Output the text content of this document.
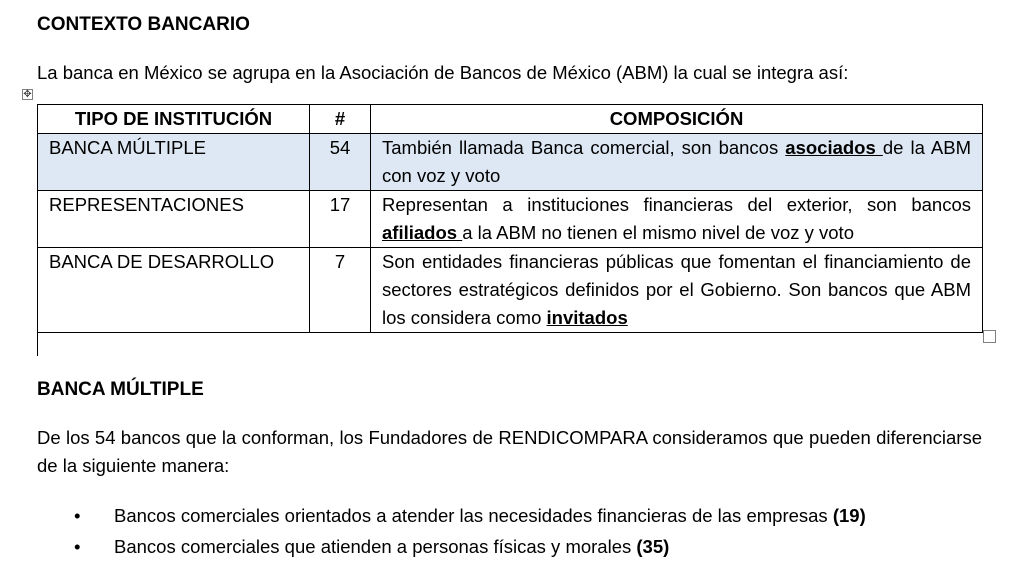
CONTEXTO BANCARIO
La banca en México se agrupa en la Asociación de Bancos de México (ABM) la cual se integra así:
✥
TIPO DE INSTITUCIÓN	#	COMPOSICIÓN
BANCA MÚLTIPLE	54	También llamada Banca comercial, son bancos asociados de la ABM con voz y voto
REPRESENTACIONES	17	Representan a instituciones financieras del exterior, son bancos afiliados a la ABM no tienen el mismo nivel de voz y voto
BANCA DE DESARROLLO	7	Son entidades financieras públicas que fomentan el financiamiento de sectores estratégicos definidos por el Gobierno. Son bancos que ABM los considera como invitados
BANCA MÚLTIPLE
De los 54 bancos que la conforman, los Fundadores de RENDICOMPARA consideramos que pueden diferenciarse de la siguiente manera:
• Bancos comerciales orientados a atender las necesidades financieras de las empresas (19)
• Bancos comerciales que atienden a personas físicas y morales (35)
